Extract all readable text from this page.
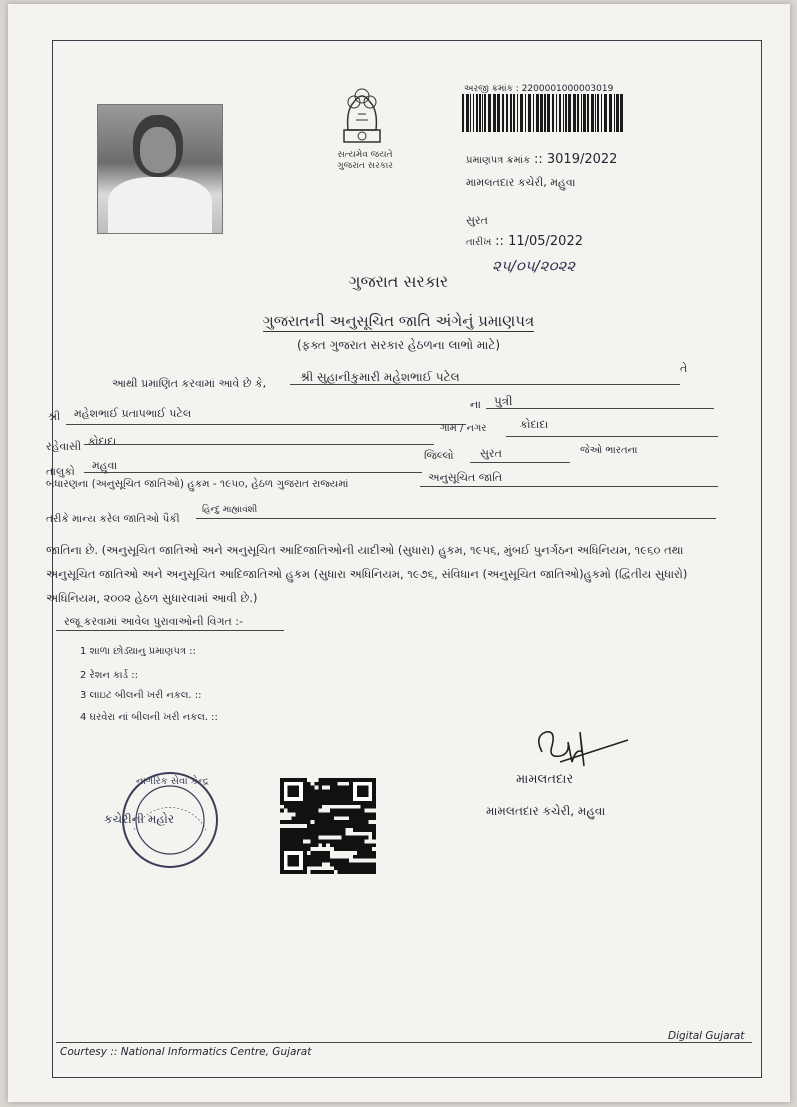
સત્યમેવ જયતે
ગુજરાત સરકાર
અરજી ક્રમાંક : 2200001000003019
પ્રમાણપત્ર ક્રમાંક :: 3019/2022
મામલતદાર કચેરી, મહુવા
સુરત
તારીખ :: 11/05/2022
૨૫/૦૫/૨૦૨૨
ગુજરાત સરકાર
ગુજરાતની અનુસૂચિત જાતિ અંગેનું પ્રમાણપત્ર
(ફક્ત ગુજરાત સરકાર હેઠળના લાભો માટે)
આથી પ્રમાણિત કરવામાં આવે છે કે,	શ્રી સુહાનીકુમારી મહેશભાઈ પટેલ
તે
શ્રી મહેશભાઈ પ્રતાપભાઈ પટેલ
ના પુત્રી
રહેવાસી કોદાદા
ગામ / નગર	કોદાદા
તાલુકો મહુવા
જિલ્લો સુરત	જેઓ ભારતના
બંધારણના (અનુસૂચિત જાતિઓ) હુકમ - ૧૯૫૦, હેઠળ ગુજરાત રાજ્યમાં	અનુસૂચિત જાતિ
તરીકે માન્ય કરેલ જાતિઓ પૈકી
હિન્દુ માહ્યાવંશી
જાતિના છે. (અનુસૂચિત જાતિઓ અને અનુસૂચિત આદિજાતિઓની યાદીઓ (સુધારા) હુકમ, ૧૯૫૬, મુંબઈ પુનર્ગઠન અધિનિયમ, ૧૯૬૦ તથા અનુસૂચિત જાતિઓ અને અનુસૂચિત આદિજાતિઓ હુકમ (સુધારા અધિનિયમ, ૧૯૭૬, સંવિધાન (અનુસૂચિત જાતિઓ)હુકમો (દ્વિતીય સુધારો) અધિનિયમ, ૨૦૦૨ હેઠળ સુધારવામાં આવી છે.)
રજૂ કરવામાં આવેલ પુરાવાઓની વિગત :-
1 શાળા છોડ્યાનુ પ્રમાણપત્ર ::
2 રેશન કાર્ડ ::
3 લાઇટ બીલની ખરી નકલ. ::
4 ઘરવેરા નાં બીલની ખરી નકલ. ::
નાગરિક સેવા કેન્દ્ર
કચેરીની મહોર
મામલતદાર
મામલતદાર કચેરી, મહુવા
Digital Gujarat
Courtesy :: National Informatics Centre, Gujarat
